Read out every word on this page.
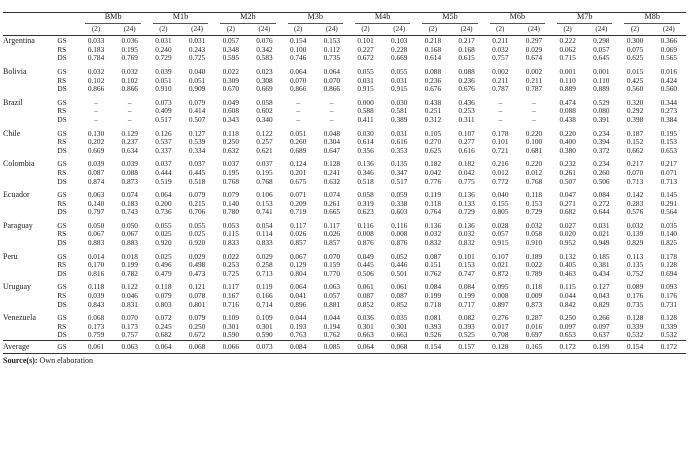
		BMb		M1b		M2b		M3b		M4b		M5b		M6b		M7b		M8b	

		(2)	(24)	(2)	(24)	(2)	(24)	(2)	(24)	(2)	(24)	(2)	(24)	(2)	(24)	(2)	(24)	(2)	(24)
Argentina	GS	0.033	0.036	0.031	0.031	0.057	0.076	0.154	0.153	0.101	0.103	0.218	0.217	0.211	0.297	0.222	0.298	0.300	0.366
	RS	0.183	0.195	0.240	0.243	0.348	0.342	0.100	0.112	0.227	0.228	0.168	0.168	0.032	0.029	0.062	0.057	0.075	0.069
	DS	0.784	0.769	0.729	0.725	0.595	0.583	0.746	0.735	0.672	0.669	0.614	0.615	0.757	0.674	0.715	0.645	0.625	0.565
Bolivia	GS	0.032	0.032	0.039	0.040	0.022	0.023	0.064	0.064	0.055	0.055	0.088	0.088	0.002	0.002	0.001	0.001	0.015	0.016
	RS	0.102	0.102	0.051	0.051	0.309	0.308	0.070	0.070	0.031	0.031	0.236	0.236	0.211	0.211	0.110	0.110	0.425	0.424
	DS	0.866	0.866	0.910	0.909	0.670	0.669	0.866	0.866	0.915	0.915	0.676	0.676	0.787	0.787	0.889	0.889	0.560	0.560
Brazil	GS	–	–	0.073	0.079	0.049	0.058	–	–	0.000	0.030	0.438	0.436	–	–	0.474	0.529	0.320	0.344
	RS	–	–	0.409	0.414	0.608	0.602	–	–	0.588	0.581	0.251	0.253	–	–	0.088	0.080	0.292	0.273
	DS	–	–	0.517	0.507	0.343	0.340	–	–	0.411	0.389	0.312	0.311	–	–	0.438	0.391	0.398	0.384
Chile	GS	0.130	0.129	0.126	0.127	0.118	0.122	0.051	0.048	0.030	0.031	0.105	0.107	0.178	0.220	0.220	0.234	0.187	0.195
	RS	0.202	0.237	0.537	0.539	0.250	0.257	0.260	0.304	0.614	0.616	0.270	0.277	0.101	0.100	0.400	0.394	0.152	0.153
	DS	0.669	0.634	0.337	0.334	0.632	0.621	0.689	0.647	0.356	0.353	0.625	0.616	0.721	0.681	0.380	0.372	0.662	0.653
Colombia	GS	0.039	0.039	0.037	0.037	0.037	0.037	0.124	0.128	0.136	0.135	0.182	0.182	0.216	0.220	0.232	0.234	0.217	0.217
	RS	0.087	0.088	0.444	0.445	0.195	0.195	0.201	0.241	0.346	0.347	0.042	0.042	0.012	0.012	0.261	0.260	0.070	0.071
	DS	0.874	0.873	0.519	0.518	0.768	0.768	0.675	0.632	0.518	0.517	0.776	0.775	0.772	0.768	0.507	0.506	0.713	0.713
Ecuador	GS	0.063	0.074	0.064	0.079	0.079	0.106	0.071	0.074	0.058	0.059	0.119	0.136	0.040	0.118	0.047	0.084	0.142	0.145
	RS	0.140	0.183	0.200	0.215	0.140	0.153	0.209	0.261	0.319	0.338	0.118	0.133	0.155	0.153	0.271	0.272	0.283	0.291
	DS	0.797	0.743	0.736	0.706	0.780	0.741	0.719	0.665	0.623	0.603	0.764	0.729	0.805	0.729	0.682	0.644	0.576	0.564
Paraguay	GS	0.050	0.050	0.055	0.055	0.053	0.054	0.117	0.117	0.116	0.116	0.136	0.136	0.028	0.032	0.027	0.031	0.032	0.035
	RS	0.067	0.067	0.025	0.025	0.115	0.114	0.026	0.026	0.008	0.008	0.032	0.032	0.057	0.058	0.020	0.021	0.139	0.140
	DS	0.883	0.883	0.920	0.920	0.833	0.833	0.857	0.857	0.876	0.876	0.832	0.832	0.915	0.910	0.952	0.949	0.829	0.825
Peru	GS	0.014	0.018	0.025	0.029	0.022	0.029	0.067	0.070	0.049	0.052	0.087	0.101	0.107	0.189	0.132	0.185	0.113	0.178
	RS	0.170	0.199	0.496	0.498	0.253	0.258	0.129	0.159	0.445	0.446	0.151	0.153	0.021	0.022	0.405	0.381	0.135	0.128
	DS	0.816	0.782	0.479	0.473	0.725	0.713	0.804	0.770	0.506	0.501	0.762	0.747	0.872	0.789	0.463	0.434	0.752	0.694
Uruguay	GS	0.118	0.122	0.118	0.121	0.117	0.119	0.064	0.063	0.061	0.061	0.084	0.084	0.095	0.118	0.115	0.127	0.089	0.093
	RS	0.039	0.046	0.079	0.078	0.167	0.166	0.041	0.057	0.087	0.087	0.199	0.199	0.008	0.009	0.044	0.043	0.176	0.176
	DS	0.843	0.831	0.803	0.801	0.716	0.714	0.896	0.881	0.852	0.852	0.718	0.717	0.897	0.873	0.842	0.829	0.735	0.731
Venezuela	GS	0.068	0.070	0.072	0.079	0.109	0.109	0.044	0.044	0.036	0.035	0.081	0.082	0.276	0.287	0.250	0.266	0.128	0.128
	RS	0.173	0.173	0.245	0.250	0.301	0.301	0.193	0.194	0.301	0.301	0.393	0.393	0.017	0.016	0.097	0.097	0.339	0.339
	DS	0.759	0.757	0.682	0.672	0.590	0.590	0.763	0.762	0.663	0.663	0.526	0.525	0.708	0.697	0.653	0.637	0.532	0.532
Average	GS	0.061	0.063	0.064	0.068	0.066	0.073	0.084	0.085	0.064	0.068	0.154	0.157	0.128	0.165	0.172	0.199	0.154	0.172
Source(s): Own elaboration
